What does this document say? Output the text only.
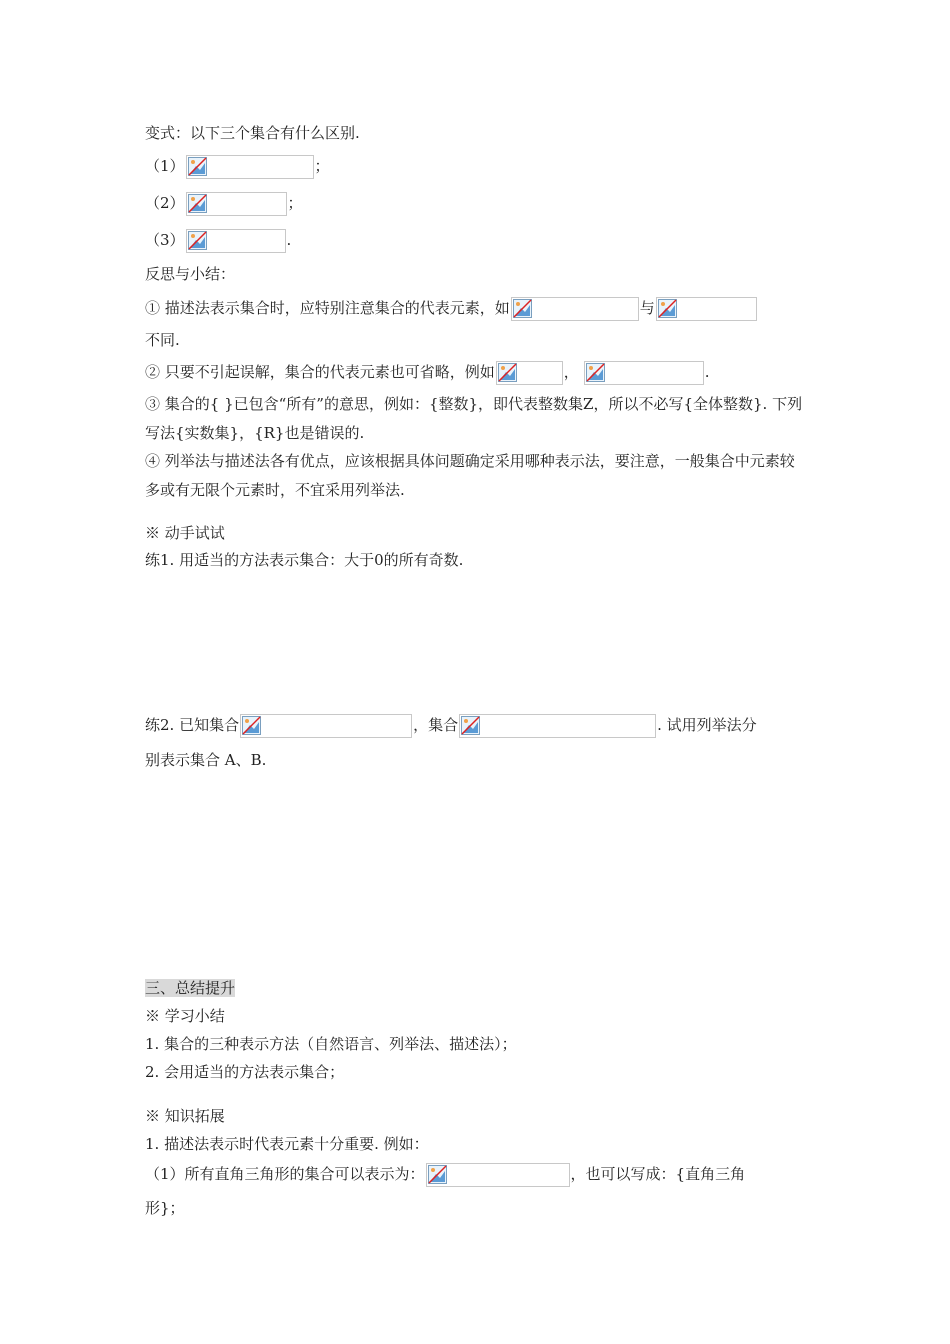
变式：以下三个集合有什么区别.
（1）	；
（2）	；
（3）	.
反思与小结：
① 描述法表示集合时，应特别注意集合的代表元素，如	与
不同.
② 只要不引起误解，集合的代表元素也可省略，例如	，	.
③ 集合的{ }已包含“所有”的意思，例如：{整数}，即代表整数集Z，所以不必写{全体整数}. 下列写法{实数集}，{R}也是错误的.
④ 列举法与描述法各有优点，应该根据具体问题确定采用哪种表示法，要注意，一般集合中元素较多或有无限个元素时，不宜采用列举法.
※ 动手试试
练1. 用适当的方法表示集合：大于0的所有奇数.
练2. 已知集合	，集合	. 试用列举法分
别表示集合 A、B.
三、总结提升
※ 学习小结
1. 集合的三种表示方法（自然语言、列举法、描述法）；
2. 会用适当的方法表示集合；
※ 知识拓展
1. 描述法表示时代表元素十分重要. 例如：
（1）所有直角三角形的集合可以表示为：	，也可以写成：{直角三角
形}；
